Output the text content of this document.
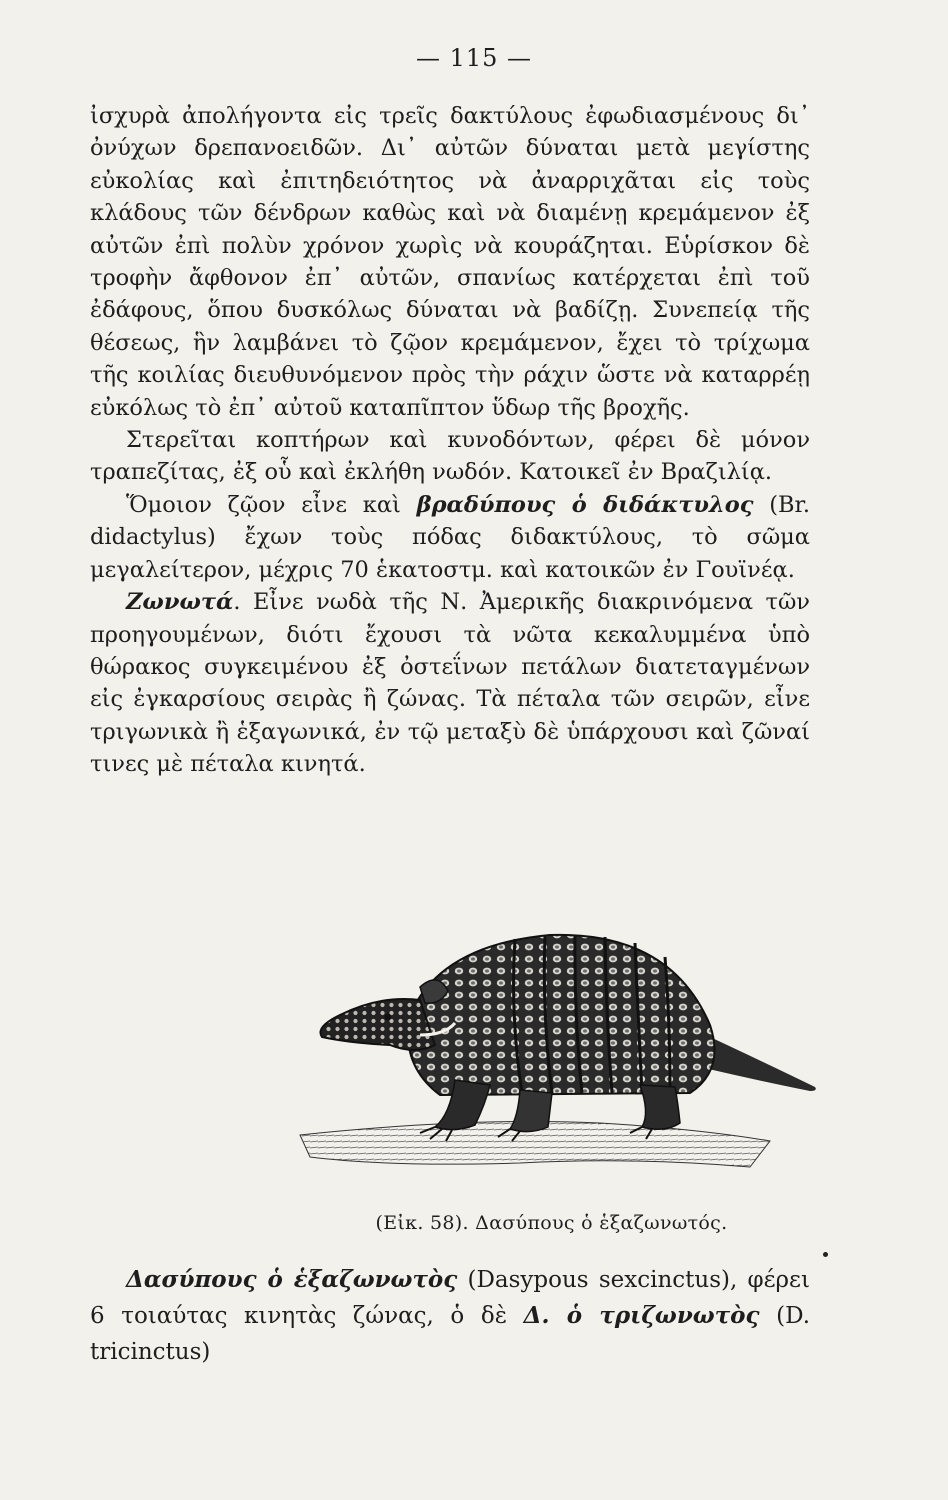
— 115 —

ἰσχυρὰ ἀπολήγοντα εἰς τρεῖς δακτύλους ἐφωδιασμένους δι᾽ ὀνύχων δρεπανοειδῶν. Δι᾽ αὐτῶν δύναται μετὰ μεγίστης εὐκολίας καὶ ἐπιτηδειότητος νὰ ἀναρριχᾶται εἰς τοὺς κλάδους τῶν δένδρων καθὼς καὶ νὰ διαμένῃ κρεμάμενον ἐξ αὐτῶν ἐπὶ πολὺν χρόνον χωρὶς νὰ κουράζηται. Εὑρίσκον δὲ τροφὴν ἄφθονον ἐπ᾽ αὐτῶν, σπανίως κατέρχεται ἐπὶ τοῦ ἐδάφους, ὅπου δυσκόλως δύναται νὰ βαδίζῃ. Συνεπείᾳ τῆς θέσεως, ἣν λαμβάνει τὸ ζῷον κρεμάμενον, ἔχει τὸ τρίχωμα τῆς κοιλίας διευθυνόμενον πρὸς τὴν ράχιν ὥστε νὰ καταρρέῃ εὐκόλως τὸ ἐπ᾽ αὐτοῦ καταπῖπτον ὕδωρ τῆς βροχῆς.

Στερεῖται κοπτήρων καὶ κυνοδόντων, φέρει δὲ μόνον τραπεζίτας, ἐξ οὗ καὶ ἐκλήθη νωδόν. Κατοικεῖ ἐν Βραζιλίᾳ.

Ὅμοιον ζῷον εἶνε καὶ βραδύπους ὁ διδάκτυλος (Br. didactylus) ἔχων τοὺς πόδας διδακτύλους, τὸ σῶμα μεγαλείτερον, μέχρις 70 ἑκατοστμ. καὶ κατοικῶν ἐν Γουϊνέᾳ.

Ζωνωτά. Εἶνε νωδὰ τῆς Ν. Ἀμερικῆς διακρινόμενα τῶν προηγουμένων, διότι ἔχουσι τὰ νῶτα κεκαλυμμένα ὑπὸ θώρακος συγκειμένου ἐξ ὀστεΐνων πετάλων διατεταγμένων εἰς ἐγκαρσίους σειρὰς ἢ ζώνας. Τὰ πέταλα τῶν σειρῶν, εἶνε τριγωνικὰ ἢ ἑξαγωνικά, ἐν τῷ μεταξὺ δὲ ὑπάρχουσι καὶ ζῶναί τινες μὲ πέταλα κινητά.

(Εἰκ. 58). Δασύπους ὁ ἑξαζωνωτός.

Δασύπους ὁ ἑξαζωνωτὸς (Dasypous sexcinctus), φέρει 6 τοιαύτας κινητὰς ζώνας, ὁ δὲ Δ. ὁ τριζωνωτὸς (D. tricinctus)
